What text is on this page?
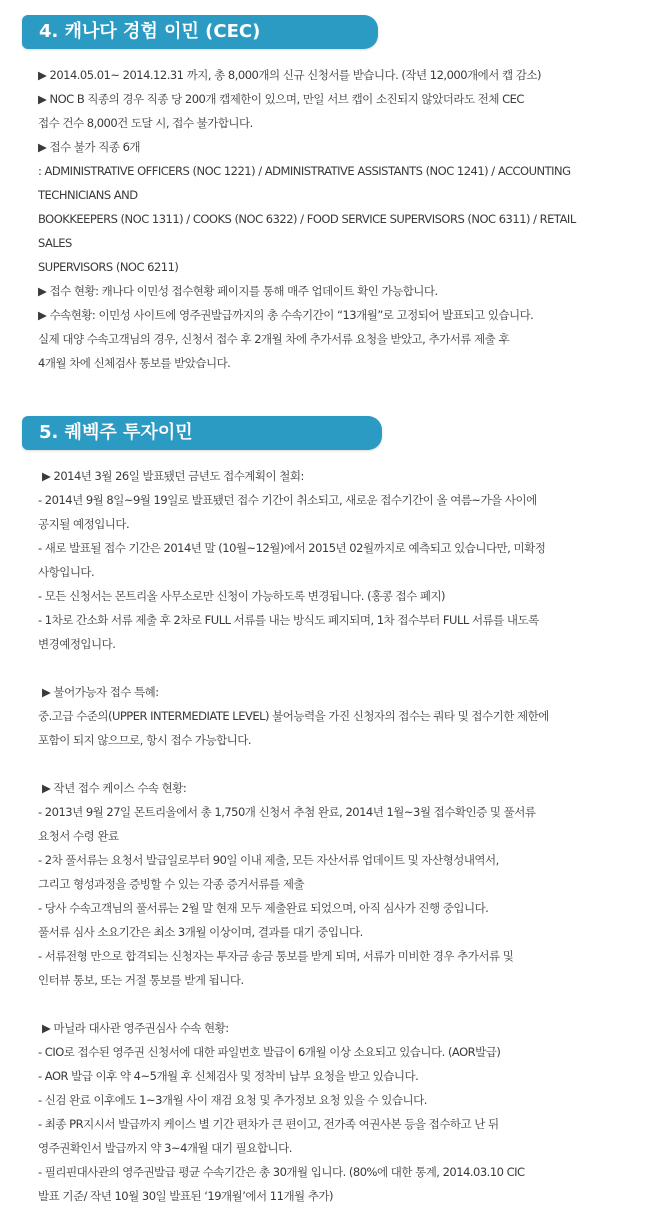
4. 캐나다 경험 이민 (CEC)
▶ 2014.05.01~ 2014.12.31 까지, 총 8,000개의 신규 신청서를 받습니다. (작년 12,000개에서 캡 감소)
▶ NOC B 직종의 경우 직종 당 200개 캡제한이 있으며, 만일 서브 캡이 소진되지 않았더라도 전체 CEC
접수 건수 8,000건 도달 시, 접수 불가합니다.
▶ 접수 불가 직종 6개
: ADMINISTRATIVE OFFICERS (NOC 1221) / ADMINISTRATIVE ASSISTANTS (NOC 1241) / ACCOUNTING
TECHNICIANS AND
BOOKKEEPERS (NOC 1311) / COOKS (NOC 6322) / FOOD SERVICE SUPERVISORS (NOC 6311) / RETAIL
SALES
SUPERVISORS (NOC 6211)
▶ 접수 현황: 캐나다 이민성 접수현황 페이지를 통해 매주 업데이트 확인 가능합니다.
▶ 수속현황: 이민성 사이트에 영주권발급까지의 총 수속기간이 “13개월”로 고정되어 발표되고 있습니다.
실제 대양 수속고객님의 경우, 신청서 접수 후 2개월 차에 추가서류 요청을 받았고, 추가서류 제출 후
4개월 차에 신체검사 통보를 받았습니다.
5. 퀘벡주 투자이민
▶ 2014년 3월 26일 발표됐던 금년도 접수계획이 철회:
- 2014년 9월 8일~9월 19일로 발표됐던 접수 기간이 취소되고, 새로운 접수기간이 올 여름~가을 사이에
공지될 예정입니다.
- 새로 발표될 접수 기간은 2014년 말 (10월~12월)에서 2015년 02월까지로 예측되고 있습니다만, 미확정
사항입니다.
- 모든 신청서는 몬트리올 사무소로만 신청이 가능하도록 변경됩니다. (홍콩 접수 폐지)
- 1차로 간소화 서류 제출 후 2차로 FULL 서류를 내는 방식도 폐지되며, 1차 접수부터 FULL 서류를 내도록
변경예정입니다.
▶ 불어가능자 접수 특혜:
중.고급 수준의(UPPER INTERMEDIATE LEVEL) 불어능력을 가진 신청자의 접수는 쿼타 및 접수기한 제한에
포함이 되지 않으므로, 항시 접수 가능합니다.
▶ 작년 접수 케이스 수속 현황:
- 2013년 9월 27일 몬트리올에서 총 1,750개 신청서 추첨 완료, 2014년 1월~3월 접수확인증 및 풀서류
요청서 수령 완료
- 2차 풀서류는 요청서 발급일로부터 90일 이내 제출, 모든 자산서류 업데이트 및 자산형성내역서,
그리고 형성과정을 증빙할 수 있는 각종 증거서류를 제출
- 당사 수속고객님의 풀서류는 2월 말 현재 모두 제출완료 되었으며, 아직 심사가 진행 중입니다.
풀서류 심사 소요기간은 최소 3개월 이상이며, 결과를 대기 중입니다.
- 서류전형 만으로 합격되는 신청자는 투자금 송금 통보를 받게 되며, 서류가 미비한 경우 추가서류 및
인터뷰 통보, 또는 거절 통보를 받게 됩니다.
▶ 마닐라 대사관 영주권심사 수속 현황:
- CIO로 접수된 영주권 신청서에 대한 파일번호 발급이 6개월 이상 소요되고 있습니다. (AOR발급)
- AOR 발급 이후 약 4~5개월 후 신체검사 및 정착비 납부 요청을 받고 있습니다.
- 신검 완료 이후에도 1~3개월 사이 재검 요청 및 추가정보 요청 있을 수 있습니다.
- 최종 PR지시서 발급까지 케이스 별 기간 편차가 큰 편이고, 전가족 여권사본 등을 접수하고 난 뒤
영주권확인서 발급까지 약 3~4개월 대기 필요합니다.
- 필리핀대사관의 영주권발급 평균 수속기간은 총 30개월 입니다. (80%에 대한 통계, 2014.03.10 CIC
발표 기준/ 작년 10월 30일 발표된 ‘19개월’에서 11개월 추가)
